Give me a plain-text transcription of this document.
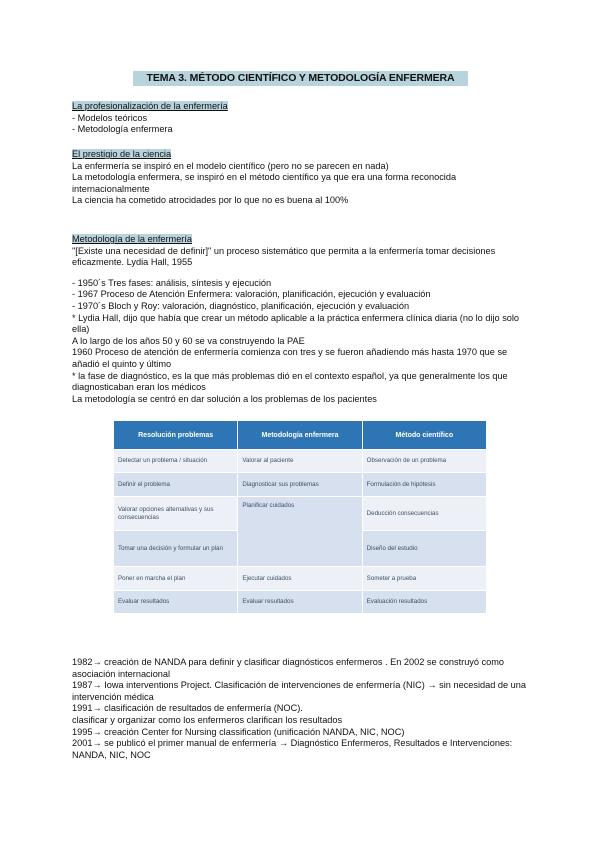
TEMA 3. MÉTODO CIENTÍFICO Y METODOLOGÍA ENFERMERA

La profesionalización de la enfermería

- Modelos teóricos

- Metodología enfermera

El prestigio de la ciencia

La enfermería se inspiró en el modelo científico (pero no se parecen en nada)

La metodología enfermera, se inspiró en el método científico ya que era una forma reconocida internacionalmente

La ciencia ha cometido atrocidades por lo que no es buena al 100%

Metodología de la enfermería

"[Existe una necesidad de definir]" un proceso sistemático que permita a la enfermería tomar decisiones eficazmente. Lydia Hall, 1955

- 1950´s Tres fases: análisis, síntesis y ejecución

- 1967 Proceso de Atención Enfermera: valoración, planificación, ejecución y evaluación

- 1970´s Bloch y Roy: valoración, diagnóstico, planificación, ejecución y evaluación

* Lydia Hall, dijo que había que crear un método aplicable a la práctica enfermera clínica diaria (no lo dijo solo ella)

A lo largo de los años 50 y 60 se va construyendo la PAE

1960 Proceso de atención de enfermería comienza con tres y se fueron añadiendo más hasta 1970 que se añadió el quinto y último

* la fase de diagnóstico, es la que más problemas dió en el contexto español, ya que generalmente los que diagnosticaban eran los médicos

La metodología se centró en dar solución a los problemas de los pacientes

Resolución problemas	Metodología enfermera	Método científico
Detectar un problema / situación	Valorar al paciente	Observación de un problema
Definir el problema	Diagnosticar sus problemas	Formulación de hipótesis
Valorar opciones alternativas y sus consecuencias	Planificar cuidados	Deducción consecuencias
Tomar una decisión y formular un plan		Diseño del estudio
Poner en marcha el plan	Ejecutar cuidados	Someter a prueba
Evaluar resultados	Evaluar resultados	Evaluación resultados

1982→ creación de NANDA para definir y clasificar diagnósticos enfermeros . En 2002 se construyó como asociación internacional

1987→ Iowa interventions Project. Clasificación de intervenciones de enfermería (NIC) → sin necesidad de una intervención médica

1991→ clasificación de resultados de enfermería (NOC).

clasificar y organizar como los enfermeros clarifican los resultados

1995→ creación Center for Nursing classification (unificación NANDA, NIC, NOC)

2001→ se publicó el primer manual de enfermería → Diagnóstico Enfermeros, Resultados e Intervenciones: NANDA, NIC, NOC
